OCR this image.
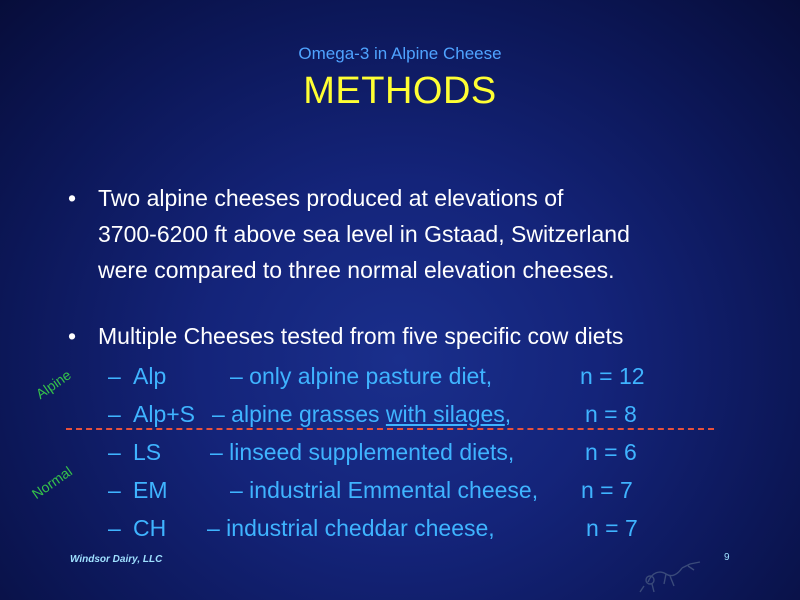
Omega-3 in Alpine Cheese
METHODS
• Two alpine cheeses produced at elevations of
3700-6200 ft above sea level in Gstaad, Switzerland
were compared to three normal elevation cheeses.
• Multiple Cheeses tested from five specific cow diets
– Alp	– only alpine pasture diet,	n = 12
– Alp+S – alpine grasses with silages,	n = 8
– LS – linseed supplemented diets,	n = 6
– EM	– industrial Emmental cheese, n = 7
– CH – industrial cheddar cheese,	n = 7
Alpine
Normal
Windsor Dairy, LLC	9
